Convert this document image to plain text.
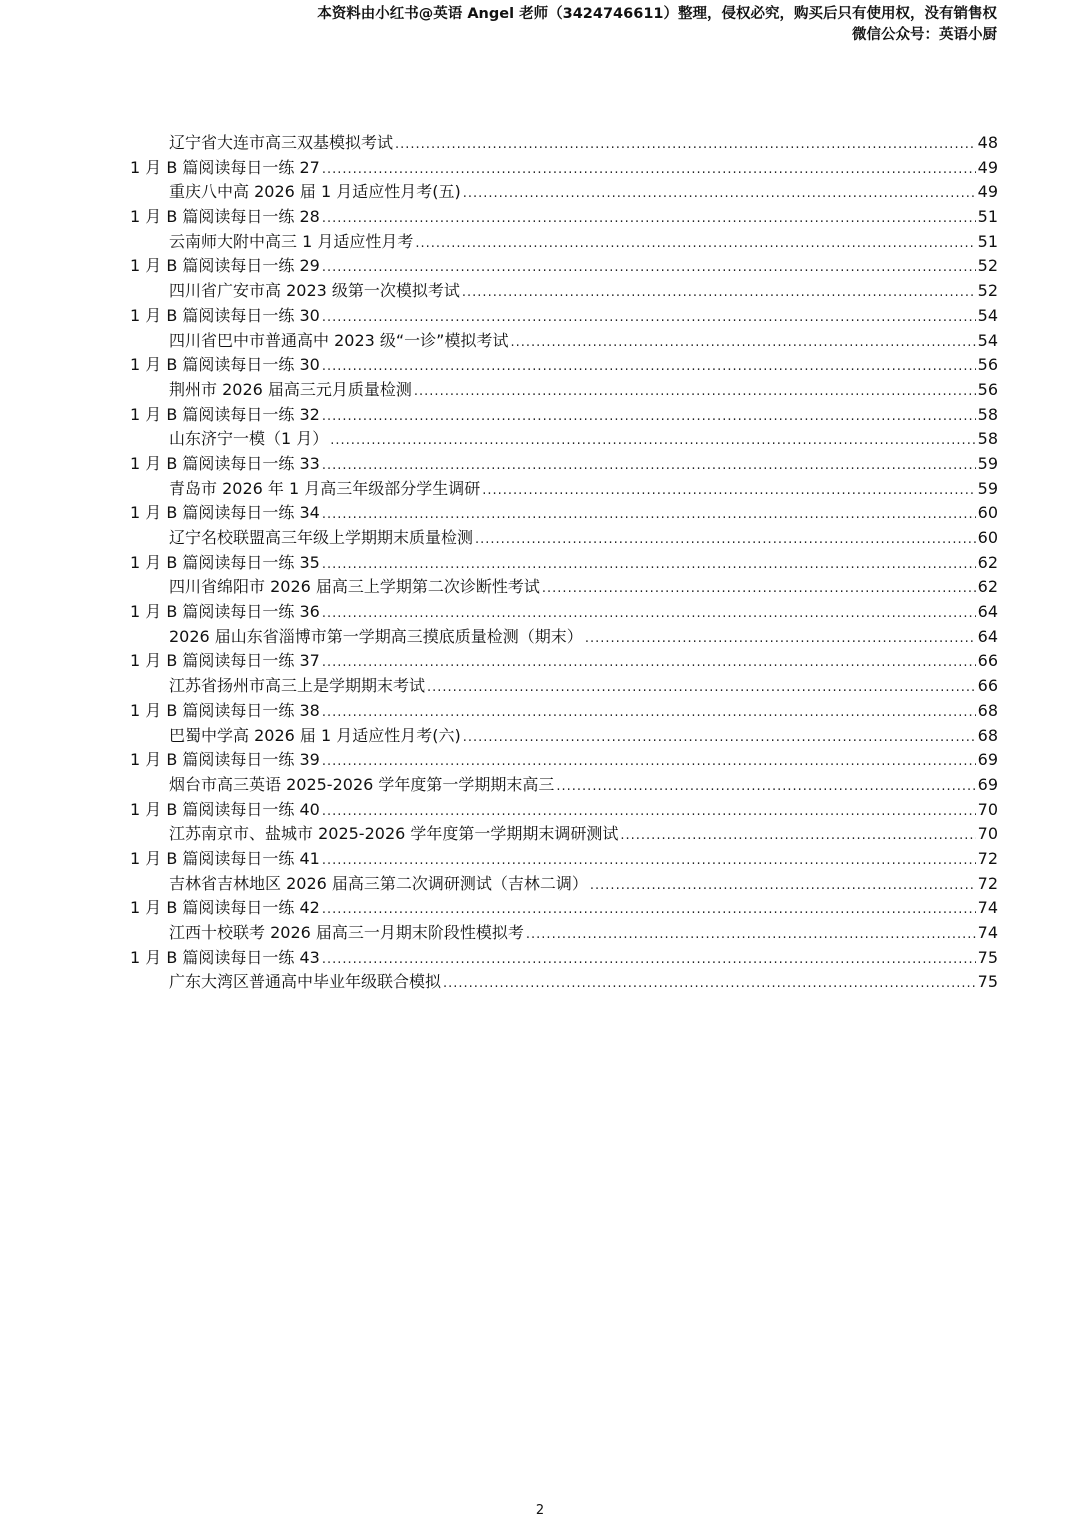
本资料由小红书@英语 Angel 老师（3424746611）整理，侵权必究，购买后只有使用权，没有销售权
微信公众号：英语小厨
辽宁省大连市高三双基模拟考试 .....	48
1 月 B 篇阅读每日一练 27 .....	49
重庆八中高 2026 届 1 月适应性月考(五) .....	49
1 月 B 篇阅读每日一练 28 .....	51
云南师大附中高三 1 月适应性月考 .....	51
1 月 B 篇阅读每日一练 29 .....	52
四川省广安市高 2023 级第一次模拟考试 .....	52
1 月 B 篇阅读每日一练 30 .....	54
四川省巴中市普通高中 2023 级“一诊”模拟考试 .....	54
1 月 B 篇阅读每日一练 30 .....	56
荆州市 2026 届高三元月质量检测 .....	56
1 月 B 篇阅读每日一练 32 .....	58
山东济宁一模（1 月） .....	58
1 月 B 篇阅读每日一练 33 .....	59
青岛市 2026 年 1 月高三年级部分学生调研 .....	59
1 月 B 篇阅读每日一练 34 .....	60
辽宁名校联盟高三年级上学期期末质量检测 .....	60
1 月 B 篇阅读每日一练 35 .....	62
四川省绵阳市 2026 届高三上学期第二次诊断性考试 .....	62
1 月 B 篇阅读每日一练 36 .....	64
2026 届山东省淄博市第一学期高三摸底质量检测（期末） .....	64
1 月 B 篇阅读每日一练 37 .....	66
江苏省扬州市高三上是学期期末考试 .....	66
1 月 B 篇阅读每日一练 38 .....	68
巴蜀中学高 2026 届 1 月适应性月考(六) .....	68
1 月 B 篇阅读每日一练 39 .....	69
烟台市高三英语 2025-2026 学年度第一学期期末高三 .....	69
1 月 B 篇阅读每日一练 40 .....	70
江苏南京市、盐城市 2025-2026 学年度第一学期期末调研测试 .....	70
1 月 B 篇阅读每日一练 41 .....	72
吉林省吉林地区 2026 届高三第二次调研测试（吉林二调） .....	72
1 月 B 篇阅读每日一练 42 .....	74
江西十校联考 2026 届高三一月期末阶段性模拟考 .....	74
1 月 B 篇阅读每日一练 43 .....	75
广东大湾区普通高中毕业年级联合模拟 .....	75
2
